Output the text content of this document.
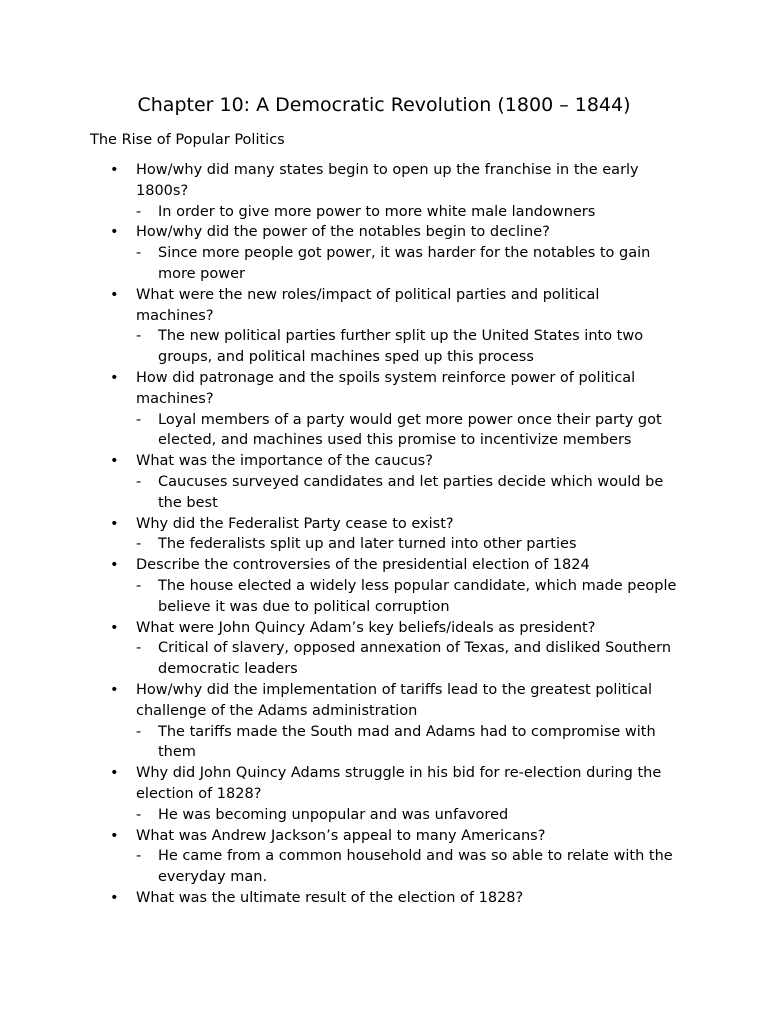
Chapter 10: A Democratic Revolution (1800 – 1844)
The Rise of Popular Politics
• How/why did many states begin to open up the franchise in the early 1800s?
- In order to give more power to more white male landowners
• How/why did the power of the notables begin to decline?
- Since more people got power, it was harder for the notables to gain more power
• What were the new roles/impact of political parties and political machines?
- The new political parties further split up the United States into two groups, and political machines sped up this process
• How did patronage and the spoils system reinforce power of political machines?
- Loyal members of a party would get more power once their party got elected, and machines used this promise to incentivize members
• What was the importance of the caucus?
- Caucuses surveyed candidates and let parties decide which would be the best
• Why did the Federalist Party cease to exist?
- The federalists split up and later turned into other parties
• Describe the controversies of the presidential election of 1824
- The house elected a widely less popular candidate, which made people believe it was due to political corruption
• What were John Quincy Adam’s key beliefs/ideals as president?
- Critical of slavery, opposed annexation of Texas, and disliked Southern democratic leaders
• How/why did the implementation of tariffs lead to the greatest political challenge of the Adams administration
- The tariffs made the South mad and Adams had to compromise with them
• Why did John Quincy Adams struggle in his bid for re-election during the election of 1828?
- He was becoming unpopular and was unfavored
• What was Andrew Jackson’s appeal to many Americans?
- He came from a common household and was so able to relate with the everyday man.
• What was the ultimate result of the election of 1828?
